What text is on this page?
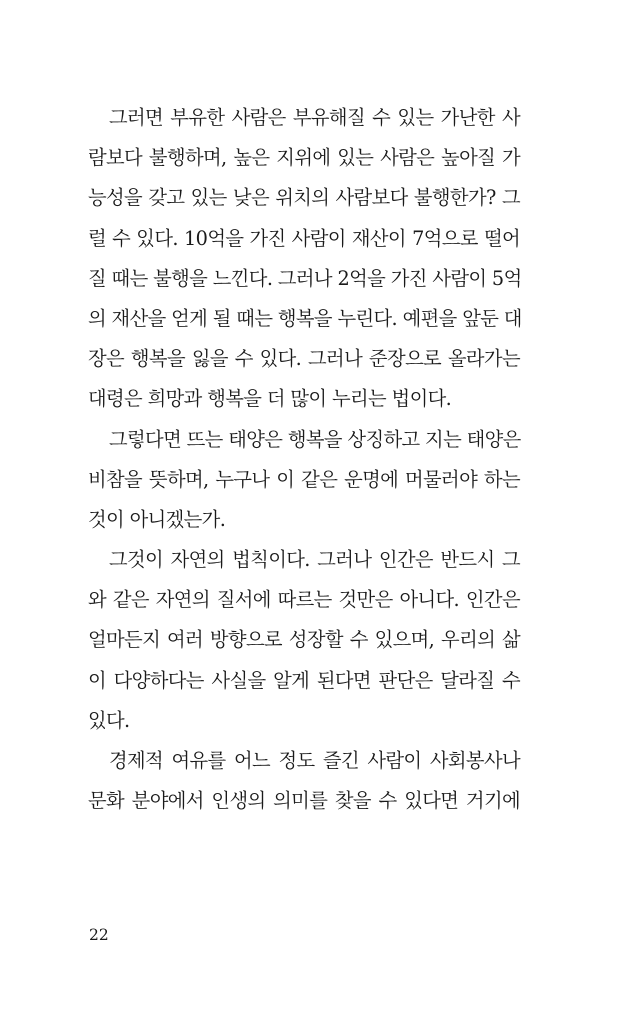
그러면 부유한 사람은 부유해질 수 있는 가난한 사
람보다 불행하며, 높은 지위에 있는 사람은 높아질 가
능성을 갖고 있는 낮은 위치의 사람보다 불행한가? 그
럴 수 있다. 10억을 가진 사람이 재산이 7억으로 떨어
질 때는 불행을 느낀다. 그러나 2억을 가진 사람이 5억
의 재산을 얻게 될 때는 행복을 누린다. 예편을 앞둔 대
장은 행복을 잃을 수 있다. 그러나 준장으로 올라가는
대령은 희망과 행복을 더 많이 누리는 법이다.
그렇다면 뜨는 태양은 행복을 상징하고 지는 태양은
비참을 뜻하며, 누구나 이 같은 운명에 머물러야 하는
것이 아니겠는가.
그것이 자연의 법칙이다. 그러나 인간은 반드시 그
와 같은 자연의 질서에 따르는 것만은 아니다. 인간은
얼마든지 여러 방향으로 성장할 수 있으며, 우리의 삶
이 다양하다는 사실을 알게 된다면 판단은 달라질 수
있다.
경제적 여유를 어느 정도 즐긴 사람이 사회봉사나
문화 분야에서 인생의 의미를 찾을 수 있다면 거기에
22
